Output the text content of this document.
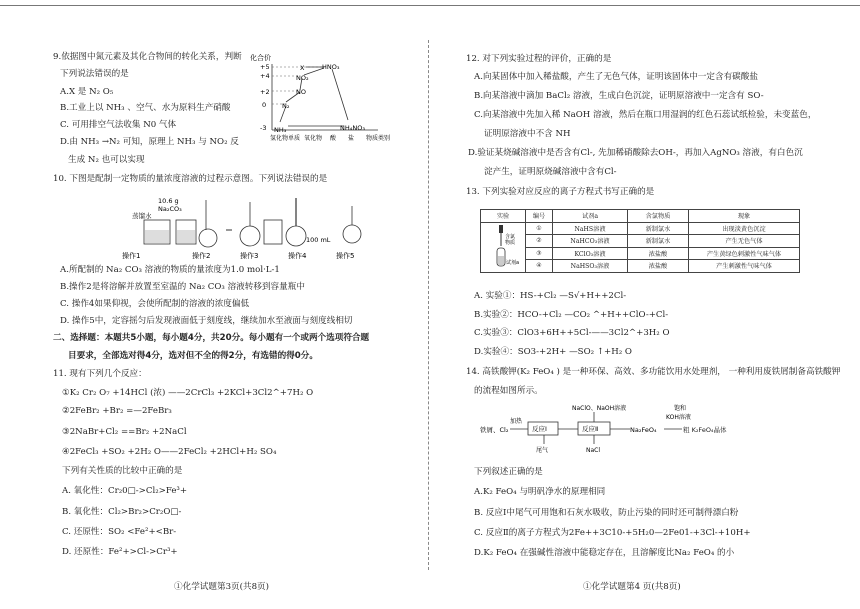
9.依据图中氮元素及其化合物间的转化关系，判断
下列说法错误的是
A.X 是 N₂ O₅
B.工业上以 NH₃ 、空气、水为原料生产硝酸
C. 可用排空气法收集 N0 气体
D.由 NH₃ →N₂ 可知，原理上 NH₃ 与 NO₂ 反
生成 N₂ 也可以实现
化合价
+5
+4
+2
0
-3
X	HNO₃
NO₂
NO
N₂
NH₃	NH₄NO₃
氢化物 单质 氧化物 酸 盐 物质类别
10. 下图是配制一定物质的量浓度溶液的过程示意图。下列说法错误的是
10.6 g
Na₂CO₃
蒸馏水
100 mL
操作1	操作2	操作3	操作4	操作5
A.所配制的 Na₂ CO₃ 溶液的物质的量浓度为1.0 mol·L-1
B.操作2是将溶解并放置至室温的 Na₂ CO₃ 溶液转移到容量瓶中
C. 操作4如果仰视，会使所配制的溶液的浓度偏低
D. 操作5中，定容摇匀后发现液面低于刻度线，继续加水至液面与刻度线相切
二、选择题：本题共5小题，每小题4分，共20分。每小题有一个或两个选项符合题
目要求，全部选对得4分，选对但不全的得2分，有选错的得0分。
11. 现有下列几个反应：
①K₂ Cr₂ O₇ +14HCl (浓) ——2CrCl₃ +2KCl+3Cl2^+7H₂ O
②2FeBr₂ +Br₂ =—2FeBr₃
③2NaBr+Cl₂ ==Br₂ +2NaCl
④2FeCl₃ +SO₂ +2H₂ O——2FeCl₂ +2HCl+H₂ SO₄
下列有关性质的比较中正确的是
A. 氧化性：Cr₂0□->Cl₂>Fe³+
B. 氧化性：Cl₂>Br₂>Cr₂O□-
C. 还原性：SO₂ <Fe²+<Br-
D. 还原性：Fe²+>Cl->Cr³+
①化学试题第3页(共8页)
12. 对下列实验过程的评价，正确的是
A.向某固体中加入稀盐酸，产生了无色气体，证明该固体中一定含有碳酸盐
B.向某溶液中滴加 BaCl₂ 溶液，生成白色沉淀，证明原溶液中一定含有 SO-
C.向某溶液中先加入稀 NaOH 溶液，然后在瓶口用湿润的红色石蕊试纸检验，未变蓝色，
证明原溶液中不含 NH
D.验证某烧碱溶液中是否含有Cl-, 先加稀硝酸除去OH-，再加入AgNO₃ 溶液，有白色沉
淀产生，证明原烧碱溶液中含有Cl-
13. 下列实验对应反应的离子方程式书写正确的是
实验	编号	试剂a	含氯物质	现象

含氯
物质
试剂a	①	NaHS溶液	新制氯水	出现淡黄色沉淀
	②	NaHCO₃溶液	新制氯水	产生无色气体
	③	KClO₃溶液	浓盐酸	产生黄绿色刺激性气味气体
	④	NaHSO₃溶液	浓盐酸	产生刺激性气味气体
A. 实验①：HS-+Cl₂ —S√+H++2Cl-
B.实验②：HCO-+Cl₂ —CO₂ ^+H++ClO-+Cl-
C.实验③：ClO3+6H++5Cl-——3Cl2^+3H₂ O
D.实验④：SO3-+2H+ —SO₂ ↑+H₂ O
14. 高铁酸钾(K₂ FeO₄ ) 是一种环保、高效、多功能饮用水处理剂， 一种利用废铁屑制备高铁酸钾
的流程如图所示。
铁屑、Cl₂
加热
反应Ⅰ
尾气
NaClO、NaOH溶液
反应Ⅱ
NaCl
Na₂FeO₄
饱和
KOH溶液
粗 K₂FeO₄晶体
下列叙述正确的是
A.K₂ FeO₄ 与明矾净水的原理相同
B. 反应Ⅰ中尾气可用饱和石灰水吸收，防止污染的同时还可制得漂白粉
C. 反应Ⅱ的离子方程式为2Fe++3C10-+5H₂0—2Fe01-+3Cl-+10H+
D.K₂ FeO₄ 在强碱性溶液中能稳定存在，且溶解度比Na₂ FeO₄ 的小
①化学试题第4 页(共8页)
